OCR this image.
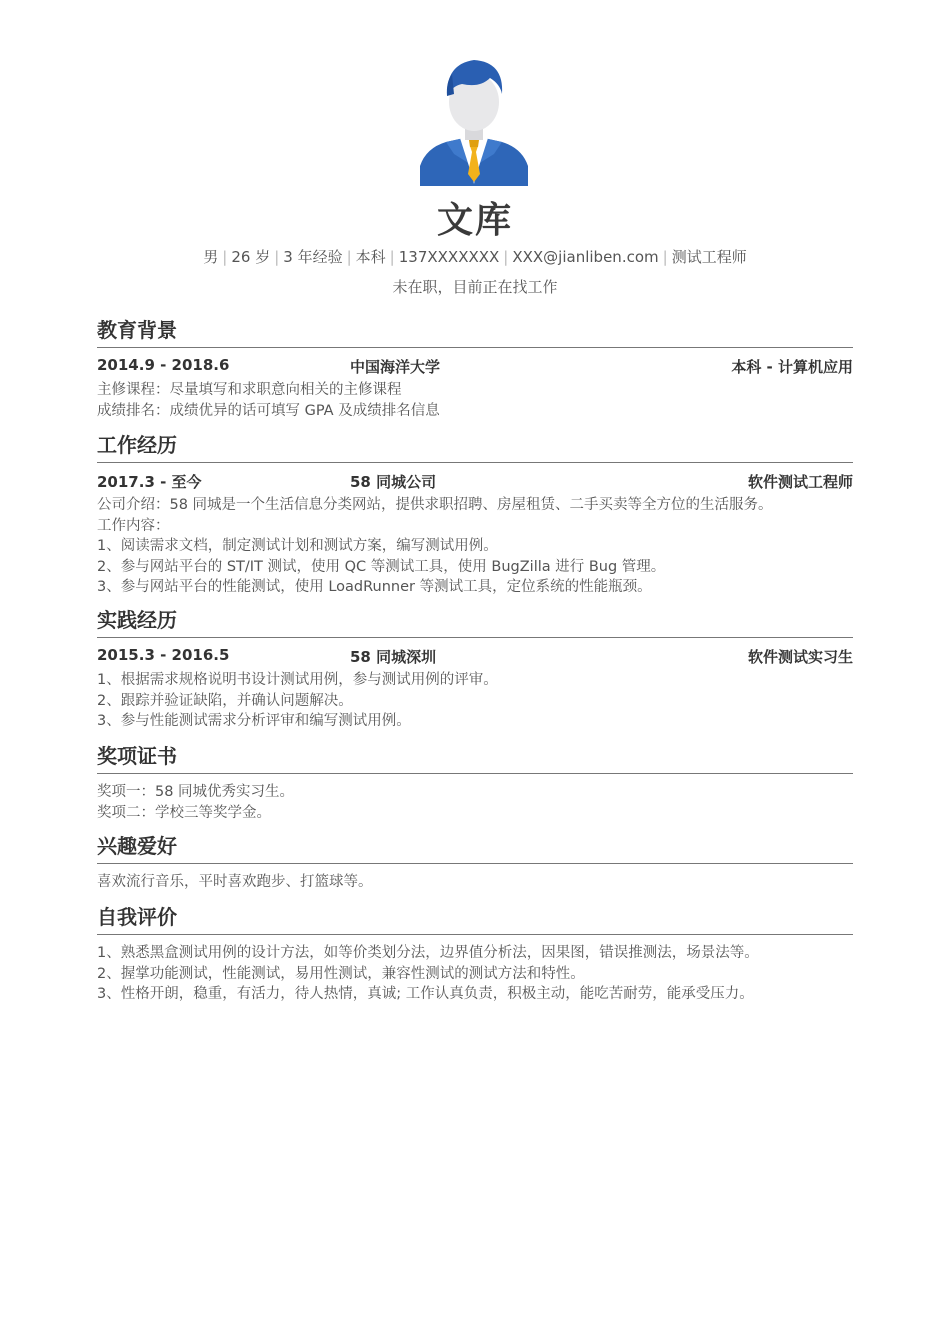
文库
男 | 26 岁 | 3 年经验 | 本科 | 137XXXXXXX | XXX@jianliben.com | 测试工程师
未在职，目前正在找工作
教育背景
2014.9 - 2018.6	中国海洋大学	本科 - 计算机应用
主修课程：尽量填写和求职意向相关的主修课程
成绩排名：成绩优异的话可填写 GPA 及成绩排名信息
工作经历
2017.3 - 至今	58 同城公司	软件测试工程师
公司介绍：58 同城是一个生活信息分类网站，提供求职招聘、房屋租赁、二手买卖等全方位的生活服务。
工作内容：
1、阅读需求文档，制定测试计划和测试方案，编写测试用例。
2、参与网站平台的 ST/IT 测试，使用 QC 等测试工具，使用 BugZilla 进行 Bug 管理。
3、参与网站平台的性能测试，使用 LoadRunner 等测试工具，定位系统的性能瓶颈。
实践经历
2015.3 - 2016.5	58 同城深圳	软件测试实习生
1、根据需求规格说明书设计测试用例，参与测试用例的评审。
2、跟踪并验证缺陷，并确认问题解决。
3、参与性能测试需求分析评审和编写测试用例。
奖项证书
奖项一：58 同城优秀实习生。
奖项二：学校三等奖学金。
兴趣爱好
喜欢流行音乐，平时喜欢跑步、打篮球等。
自我评价
1、熟悉黑盒测试用例的设计方法，如等价类划分法，边界值分析法，因果图，错误推测法，场景法等。
2、握掌功能测试，性能测试，易用性测试，兼容性测试的测试方法和特性。
3、性格开朗，稳重，有活力，待人热情，真诚; 工作认真负责，积极主动，能吃苦耐劳，能承受压力。
